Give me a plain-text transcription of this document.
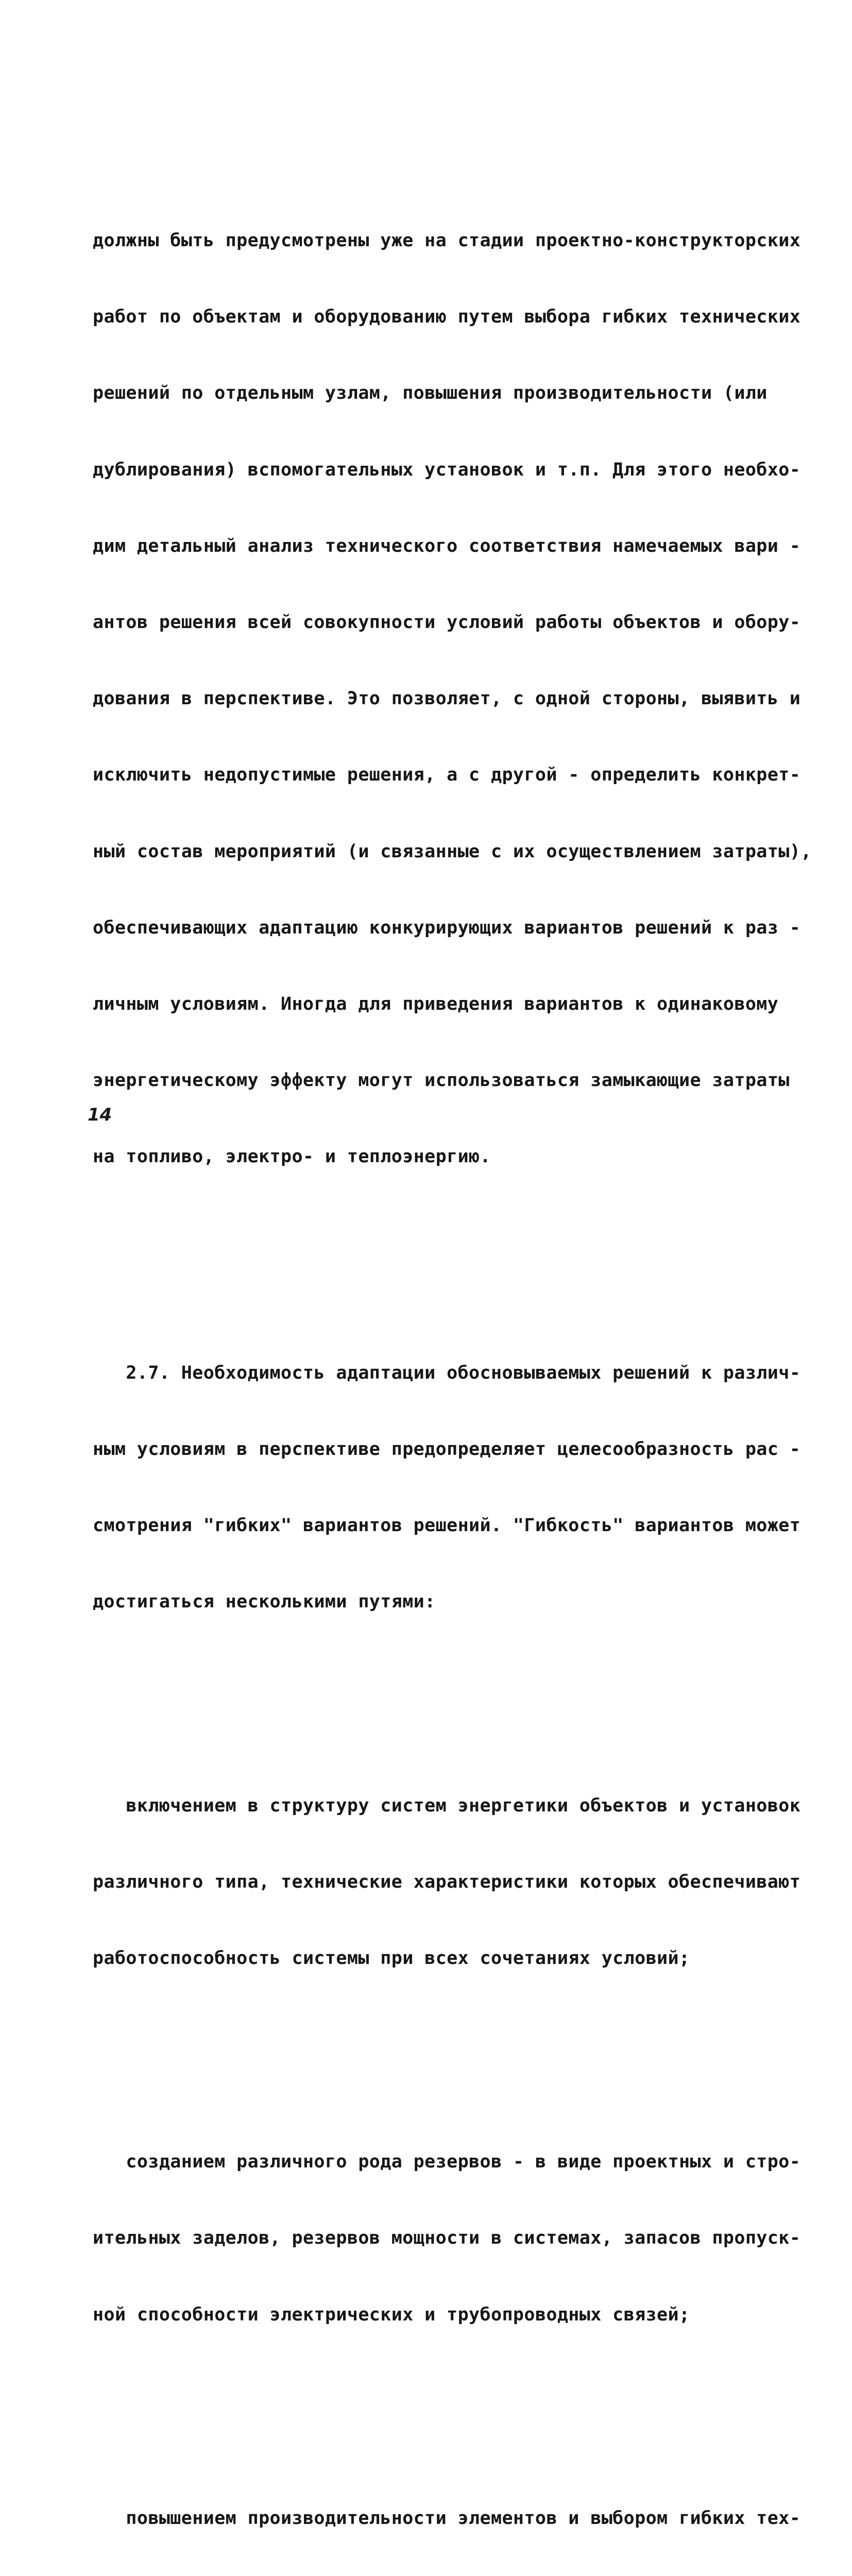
должны быть предусмотрены уже на стадии проектно-конструкторских

работ по объектам и оборудованию путем выбора гибких технических

решений по отдельным узлам, повышения производительности (или

дублирования) вспомогательных установок и т.п. Для этого необхо-

дим детальный анализ технического соответствия намечаемых вари -

антов решения всей совокупности условий работы объектов и обору-

дования в перспективе. Это позволяет, с одной стороны, выявить и

исключить недопустимые решения, а с другой - определить конкрет-

ный состав мероприятий (и связанные с их осуществлением затраты),

обеспечивающих адаптацию конкурирующих вариантов решений к раз -

личным условиям. Иногда для приведения вариантов к одинаковому

энергетическому эффекту могут использоваться замыкающие затраты

на топливо, электро- и теплоэнергию.

2.7. Необходимость адаптации обосновываемых решений к различ-

ным условиям в перспективе предопределяет целесообразность рас -

смотрения "гибких" вариантов решений. "Гибкость" вариантов может

достигаться несколькими путями:

включением в структуру систем энергетики объектов и установок

различного типа, технические характеристики которых обеспечивают

работоспособность системы при всех сочетаниях условий;

созданием различного рода резервов - в виде проектных и стро-

ительных заделов, резервов мощности в системах, запасов пропуск-

ной способности электрических и трубопроводных связей;

повышением производительности элементов и выбором гибких тех-

14
